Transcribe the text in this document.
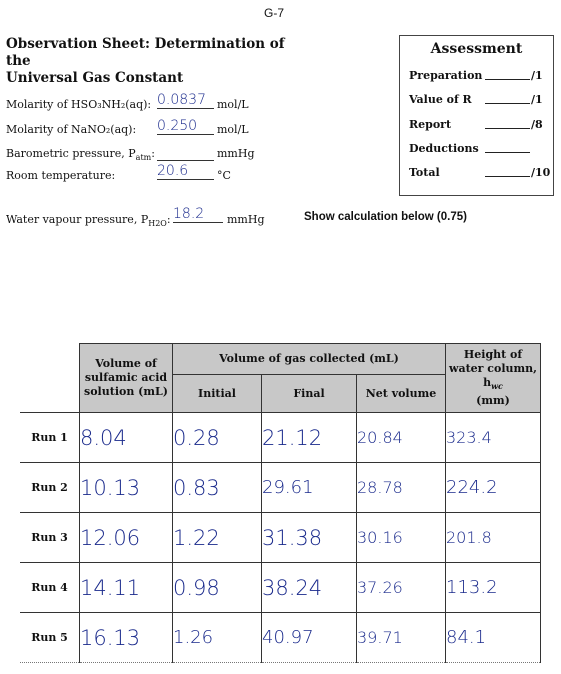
G-7
Observation Sheet: Determination of the
Universal Gas Constant
Molarity of HSO₃NH₂(aq): 0.0837	mol/L
Molarity of NaNO₂(aq): 0.250	mol/L
Barometric pressure, $P_{atm}$:	mmHg
Room temperature:	20.6	°C
Water vapour pressure, $P_{H2O}$: 18.2	mmHg	Show calculation below (0.75)
Assessment
Preparation	/1
Value of R	/1
Report	/8
Deductions
Total	/10
	Volume of sulfamic acid solution (mL)	Volume of gas collected (mL)			Height of water column, $h_{wc}$
(mm)
		Initial	Final	Net volume	
Run 1	8.04	0.28	21.12	20.84	323.4
Run 2	10.13	0.83	29.61	28.78	224.2
Run 3	12.06	1.22	31.38	30.16	201.8
Run 4	14.11	0.98	38.24	37.26	113.2
Run 5	16.13	1.26	40.97	39.71	84.1
